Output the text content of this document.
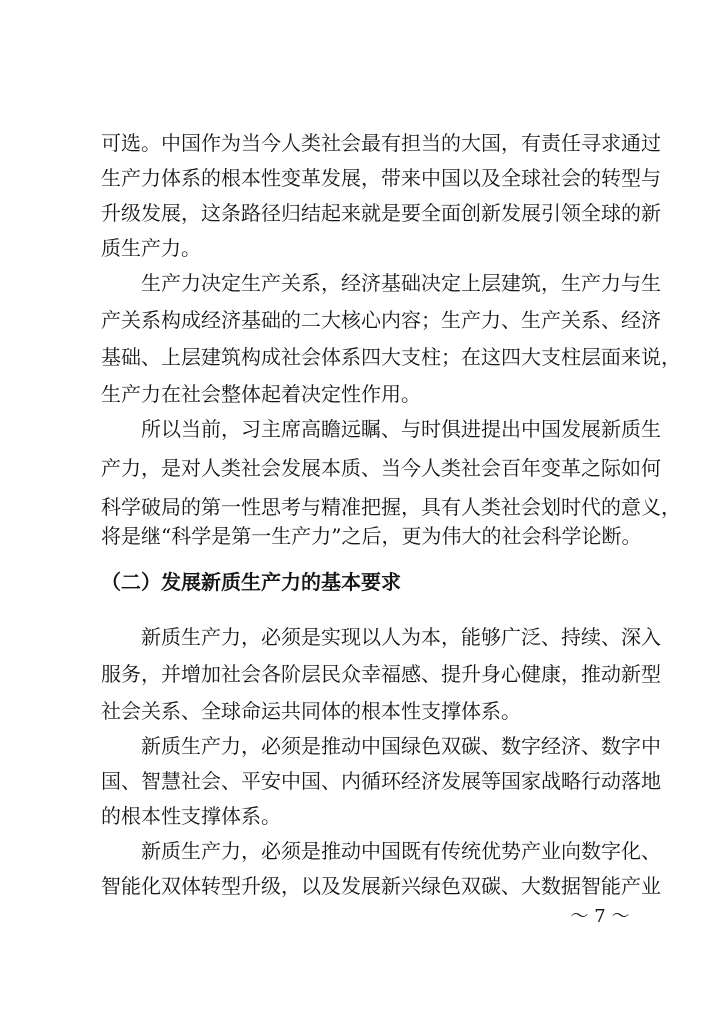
可选。中国作为当今人类社会最有担当的大国，有责任寻求通过
生产力体系的根本性变革发展，带来中国以及全球社会的转型与
升级发展，这条路径归结起来就是要全面创新发展引领全球的新
质生产力。
生产力决定生产关系，经济基础决定上层建筑，生产力与生
产关系构成经济基础的二大核心内容；生产力、生产关系、经济
基础、上层建筑构成社会体系四大支柱；在这四大支柱层面来说，
生产力在社会整体起着决定性作用。
所以当前，习主席高瞻远瞩、与时俱进提出中国发展新质生
产力，是对人类社会发展本质、当今人类社会百年变革之际如何
科学破局的第一性思考与精准把握，具有人类社会划时代的意义，
（二）发展新质生产力的基本要求
新质生产力，必须是实现以人为本，能够广泛、持续、深入
服务，并增加社会各阶层民众幸福感、提升身心健康，推动新型
社会关系、全球命运共同体的根本性支撑体系。
新质生产力，必须是推动中国绿色双碳、数字经济、数字中
国、智慧社会、平安中国、内循环经济发展等国家战略行动落地
的根本性支撑体系。
新质生产力，必须是推动中国既有传统优势产业向数字化、
智能化双体转型升级，以及发展新兴绿色双碳、大数据智能产业
～ 7 ～
将是继“科学是第一生产力”之后，更为伟大的社会科学论断。
